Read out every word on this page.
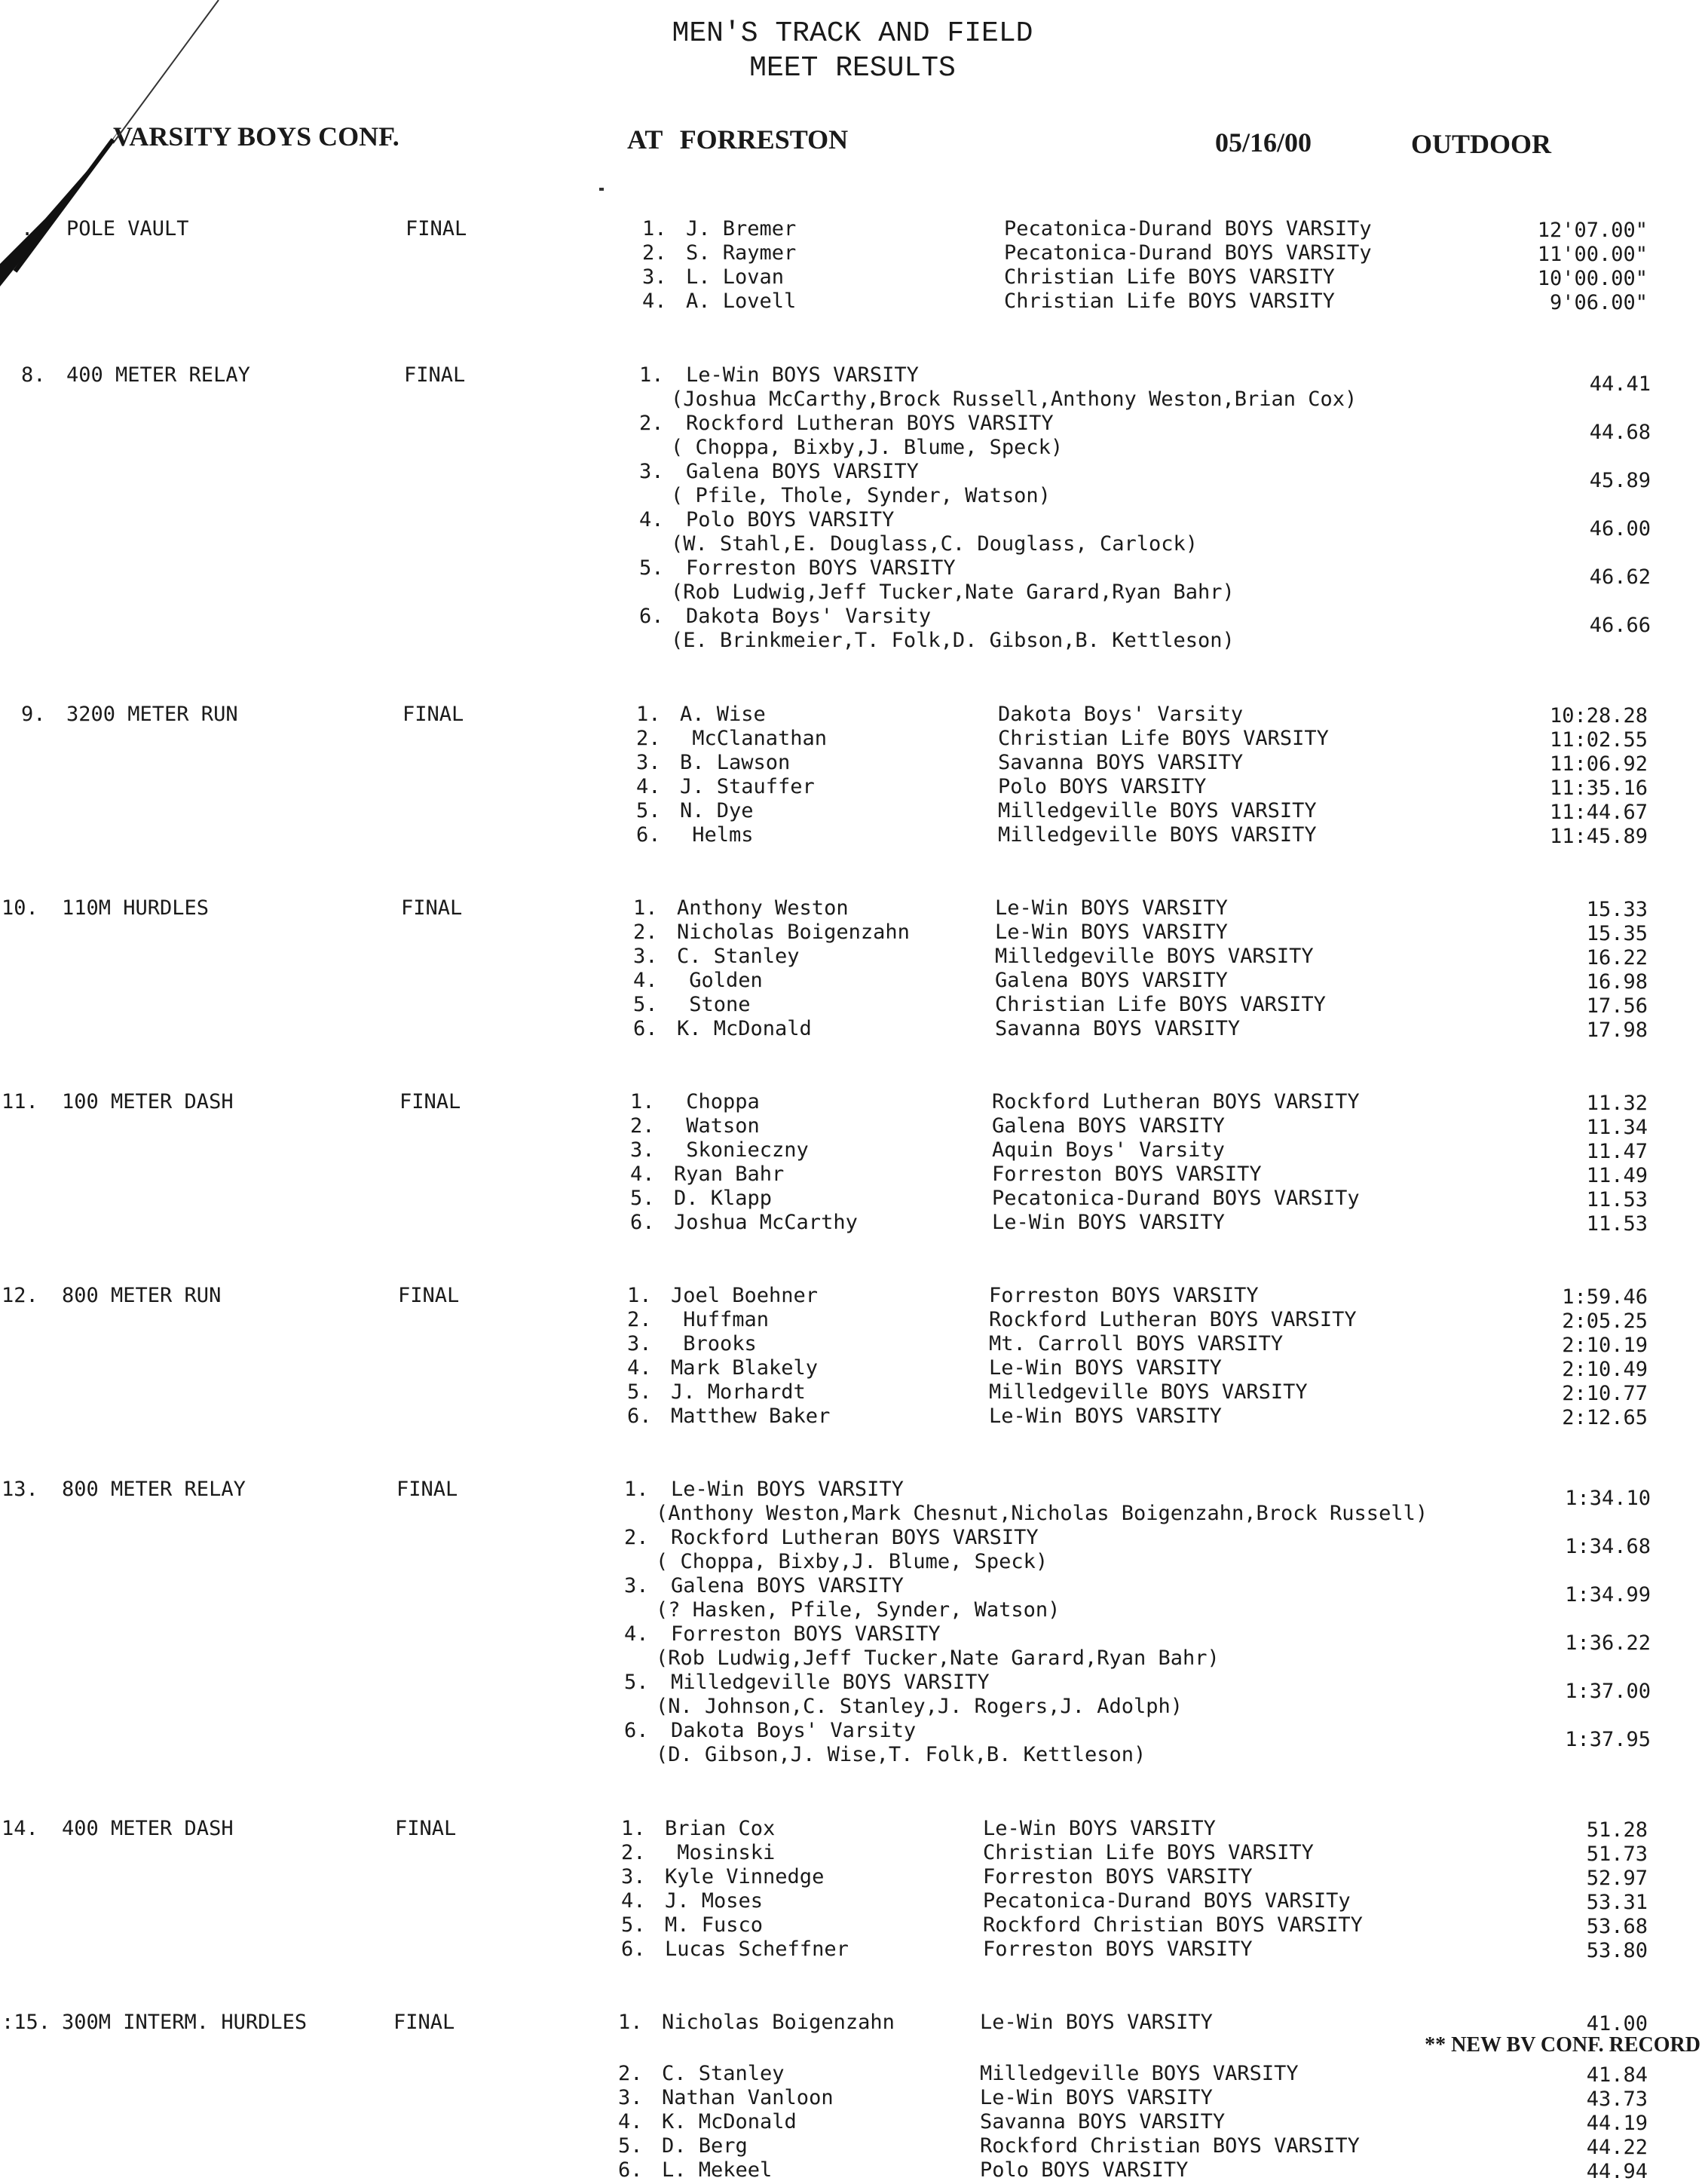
MEN'S TRACK AND FIELD
MEET RESULTS
VARSITY BOYS CONF.	AT FORRESTON	05/16/00	OUTDOOR
. POLE VAULT	FINAL	1. J. Bremer	Pecatonica-Durand BOYS VARSITy	12'07.00"
2. S. Raymer	Pecatonica-Durand BOYS VARSITy	11'00.00"
3. L. Lovan	Christian Life BOYS VARSITY	10'00.00"
4. A. Lovell	Christian Life BOYS VARSITY	9'06.00"
8. 400 METER RELAY	FINAL	1. Le-Win BOYS VARSITY	44.41
(Joshua McCarthy,Brock Russell,Anthony Weston,Brian Cox)
2. Rockford Lutheran BOYS VARSITY	44.68
( Choppa, Bixby,J. Blume, Speck)
3. Galena BOYS VARSITY	45.89
( Pfile, Thole, Synder, Watson)
4. Polo BOYS VARSITY	46.00
(W. Stahl,E. Douglass,C. Douglass, Carlock)
5. Forreston BOYS VARSITY	46.62
(Rob Ludwig,Jeff Tucker,Nate Garard,Ryan Bahr)
6. Dakota Boys' Varsity	46.66
(E. Brinkmeier,T. Folk,D. Gibson,B. Kettleson)
9. 3200 METER RUN	FINAL	1. A. Wise	Dakota Boys' Varsity	10:28.28
2. McClanathan	Christian Life BOYS VARSITY	11:02.55
3. B. Lawson	Savanna BOYS VARSITY	11:06.92
4. J. Stauffer	Polo BOYS VARSITY	11:35.16
5. N. Dye	Milledgeville BOYS VARSITY	11:44.67
6. Helms	Milledgeville BOYS VARSITY	11:45.89
10. 110M HURDLES	FINAL	1. Anthony Weston	Le-Win BOYS VARSITY	15.33
2. Nicholas Boigenzahn	Le-Win BOYS VARSITY	15.35
3. C. Stanley	Milledgeville BOYS VARSITY	16.22
4. Golden	Galena BOYS VARSITY	16.98
5. Stone	Christian Life BOYS VARSITY	17.56
6. K. McDonald	Savanna BOYS VARSITY	17.98
11. 100 METER DASH	FINAL	1. Choppa	Rockford Lutheran BOYS VARSITY	11.32
2. Watson	Galena BOYS VARSITY	11.34
3. Skonieczny	Aquin Boys' Varsity	11.47
4. Ryan Bahr	Forreston BOYS VARSITY	11.49
5. D. Klapp	Pecatonica-Durand BOYS VARSITy	11.53
6. Joshua McCarthy	Le-Win BOYS VARSITY	11.53
12. 800 METER RUN	FINAL	1. Joel Boehner	Forreston BOYS VARSITY	1:59.46
2. Huffman	Rockford Lutheran BOYS VARSITY	2:05.25
3. Brooks	Mt. Carroll BOYS VARSITY	2:10.19
4. Mark Blakely	Le-Win BOYS VARSITY	2:10.49
5. J. Morhardt	Milledgeville BOYS VARSITY	2:10.77
6. Matthew Baker	Le-Win BOYS VARSITY	2:12.65
13. 800 METER RELAY	FINAL	1. Le-Win BOYS VARSITY	1:34.10
(Anthony Weston,Mark Chesnut,Nicholas Boigenzahn,Brock Russell)
2. Rockford Lutheran BOYS VARSITY	1:34.68
( Choppa, Bixby,J. Blume, Speck)
3. Galena BOYS VARSITY	1:34.99
(? Hasken, Pfile, Synder, Watson)
4. Forreston BOYS VARSITY	1:36.22
(Rob Ludwig,Jeff Tucker,Nate Garard,Ryan Bahr)
5. Milledgeville BOYS VARSITY	1:37.00
(N. Johnson,C. Stanley,J. Rogers,J. Adolph)
6. Dakota Boys' Varsity	1:37.95
(D. Gibson,J. Wise,T. Folk,B. Kettleson)
14. 400 METER DASH	FINAL	1. Brian Cox	Le-Win BOYS VARSITY	51.28
2. Mosinski	Christian Life BOYS VARSITY	51.73
3. Kyle Vinnedge	Forreston BOYS VARSITY	52.97
4. J. Moses	Pecatonica-Durand BOYS VARSITy	53.31
5. M. Fusco	Rockford Christian BOYS VARSITY	53.68
6. Lucas Scheffner	Forreston BOYS VARSITY	53.80
:15. 300M INTERM. HURDLES	FINAL	1. Nicholas Boigenzahn	Le-Win BOYS VARSITY	41.00
** NEW BV CONF. RECORD
2. C. Stanley	Milledgeville BOYS VARSITY	41.84
3. Nathan Vanloon	Le-Win BOYS VARSITY	43.73
4. K. McDonald	Savanna BOYS VARSITY	44.19
5. D. Berg	Rockford Christian BOYS VARSITY	44.22
6. L. Mekeel	Polo BOYS VARSITY	44.94
